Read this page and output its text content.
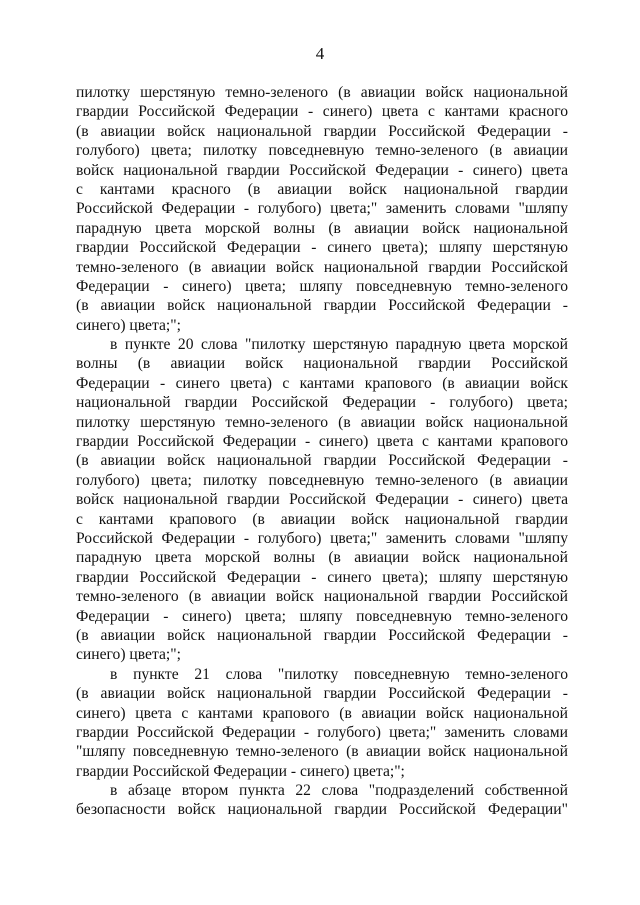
4
пилотку шерстяную темно-зеленого (в авиации войск национальной
гвардии Российской Федерации - синего) цвета с кантами красного
(в авиации войск национальной гвардии Российской Федерации -
голубого) цвета; пилотку повседневную темно-зеленого (в авиации
войск национальной гвардии Российской Федерации - синего) цвета
с кантами красного (в авиации войск национальной гвардии
Российской Федерации - голубого) цвета;" заменить словами "шляпу
парадную цвета морской волны (в авиации войск национальной
гвардии Российской Федерации - синего цвета); шляпу шерстяную
темно-зеленого (в авиации войск национальной гвардии Российской
Федерации - синего) цвета; шляпу повседневную темно-зеленого
(в авиации войск национальной гвардии Российской Федерации -
синего) цвета;";
в пункте 20 слова "пилотку шерстяную парадную цвета морской
волны (в авиации войск национальной гвардии Российской
Федерации - синего цвета) с кантами крапового (в авиации войск
национальной гвардии Российской Федерации - голубого) цвета;
пилотку шерстяную темно-зеленого (в авиации войск национальной
гвардии Российской Федерации - синего) цвета с кантами крапового
(в авиации войск национальной гвардии Российской Федерации -
голубого) цвета; пилотку повседневную темно-зеленого (в авиации
войск национальной гвардии Российской Федерации - синего) цвета
с кантами крапового (в авиации войск национальной гвардии
Российской Федерации - голубого) цвета;" заменить словами "шляпу
парадную цвета морской волны (в авиации войск национальной
гвардии Российской Федерации - синего цвета); шляпу шерстяную
темно-зеленого (в авиации войск национальной гвардии Российской
Федерации - синего) цвета; шляпу повседневную темно-зеленого
(в авиации войск национальной гвардии Российской Федерации -
синего) цвета;";
в пункте 21 слова "пилотку повседневную темно-зеленого
(в авиации войск национальной гвардии Российской Федерации -
синего) цвета с кантами крапового (в авиации войск национальной
гвардии Российской Федерации - голубого) цвета;" заменить словами
"шляпу повседневную темно-зеленого (в авиации войск национальной
гвардии Российской Федерации - синего) цвета;";
в абзаце втором пункта 22 слова "подразделений собственной
безопасности войск национальной гвардии Российской Федерации"
